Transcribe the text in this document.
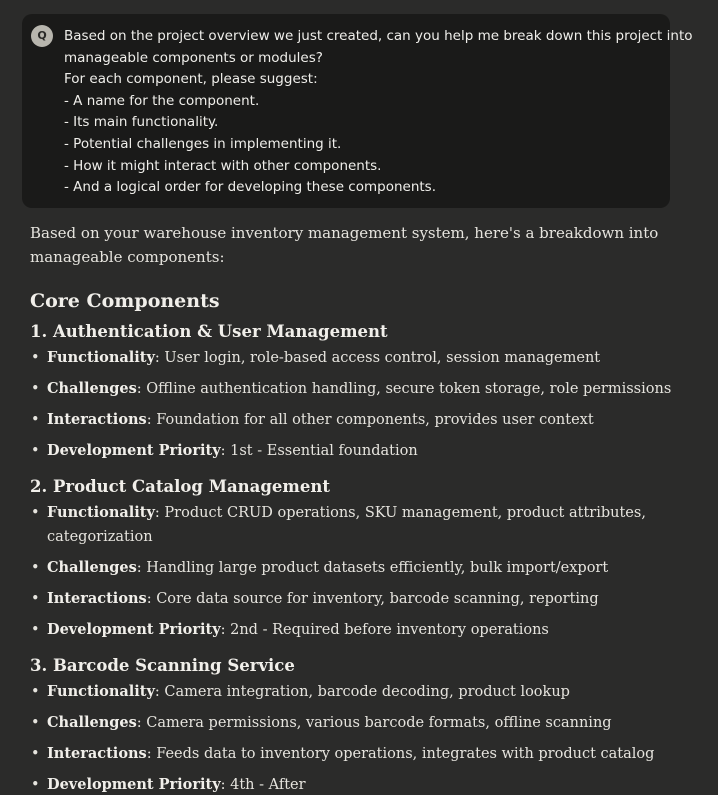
Based on the project overview we just created, can you help me break down this project into
manageable components or modules?
For each component, please suggest:
- A name for the component.
- Its main functionality.
- Potential challenges in implementing it.
- How it might interact with other components.
- And a logical order for developing these components.
Q

Based on your warehouse inventory management system, here's a breakdown into
manageable components:

Core Components
1. Authentication & User Management
• Functionality: User login, role-based access control, session management
• Challenges: Offline authentication handling, secure token storage, role permissions
• Interactions: Foundation for all other components, provides user context
• Development Priority: 1st - Essential foundation
2. Product Catalog Management
• Functionality: Product CRUD operations, SKU management, product attributes,
categorization
• Challenges: Handling large product datasets efficiently, bulk import/export
• Interactions: Core data source for inventory, barcode scanning, reporting
• Development Priority: 2nd - Required before inventory operations
3. Barcode Scanning Service
• Functionality: Camera integration, barcode decoding, product lookup
• Challenges: Camera permissions, various barcode formats, offline scanning
• Interactions: Feeds data to inventory operations, integrates with product catalog
• Development Priority: 4th - After
